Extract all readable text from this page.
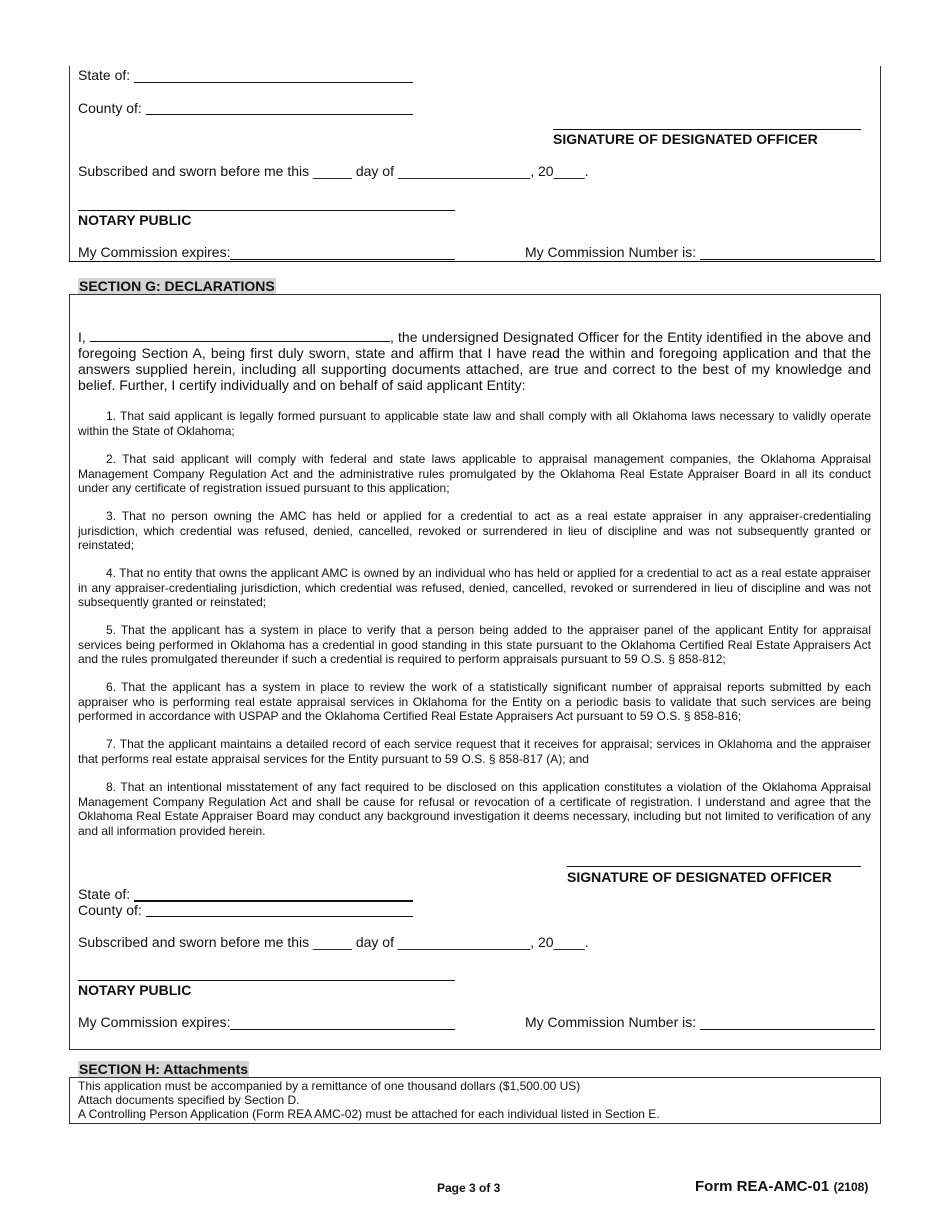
State of:
County of:
SIGNATURE OF DESIGNATED OFFICER
Subscribed and sworn before me this _____ day of _________________, 20____.
NOTARY PUBLIC
My Commission expires:	My Commission Number is:
SECTION G: DECLARATIONS
I,	, the undersigned Designated Officer for the Entity identified in the above and foregoing Section A, being first duly sworn, state and affirm that I have read the within and foregoing application and that the answers supplied herein, including all supporting documents attached, are true and correct to the best of my knowledge and belief. Further, I certify individually and on behalf of said applicant Entity:
1. That said applicant is legally formed pursuant to applicable state law and shall comply with all Oklahoma laws necessary to validly operate within the State of Oklahoma;
2. That said applicant will comply with federal and state laws applicable to appraisal management companies, the Oklahoma Appraisal Management Company Regulation Act and the administrative rules promulgated by the Oklahoma Real Estate Appraiser Board in all its conduct under any certificate of registration issued pursuant to this application;
3. That no person owning the AMC has held or applied for a credential to act as a real estate appraiser in any appraiser-credentialing jurisdiction, which credential was refused, denied, cancelled, revoked or surrendered in lieu of discipline and was not subsequently granted or reinstated;
4. That no entity that owns the applicant AMC is owned by an individual who has held or applied for a credential to act as a real estate appraiser in any appraiser-credentialing jurisdiction, which credential was refused, denied, cancelled, revoked or surrendered in lieu of discipline and was not subsequently granted or reinstated;
5. That the applicant has a system in place to verify that a person being added to the appraiser panel of the applicant Entity for appraisal services being performed in Oklahoma has a credential in good standing in this state pursuant to the Oklahoma Certified Real Estate Appraisers Act and the rules promulgated thereunder if such a credential is required to perform appraisals pursuant to 59 O.S. § 858-812;
6. That the applicant has a system in place to review the work of a statistically significant number of appraisal reports submitted by each appraiser who is performing real estate appraisal services in Oklahoma for the Entity on a periodic basis to validate that such services are being performed in accordance with USPAP and the Oklahoma Certified Real Estate Appraisers Act pursuant to 59 O.S. § 858-816;
7. That the applicant maintains a detailed record of each service request that it receives for appraisal; services in Oklahoma and the appraiser that performs real estate appraisal services for the Entity pursuant to 59 O.S. § 858-817 (A); and
8. That an intentional misstatement of any fact required to be disclosed on this application constitutes a violation of the Oklahoma Appraisal Management Company Regulation Act and shall be cause for refusal or revocation of a certificate of registration. I understand and agree that the Oklahoma Real Estate Appraiser Board may conduct any background investigation it deems necessary, including but not limited to verification of any and all information provided herein.
SIGNATURE OF DESIGNATED OFFICER
State of:
County of:
Subscribed and sworn before me this _____ day of _________________, 20____.
NOTARY PUBLIC
My Commission expires:	My Commission Number is:
SECTION H: Attachments
This application must be accompanied by a remittance of one thousand dollars ($1,500.00 US)
Attach documents specified by Section D.
A Controlling Person Application (Form REA AMC-02) must be attached for each individual listed in Section E.
Page 3 of 3	Form REA-AMC-01 (2108)
